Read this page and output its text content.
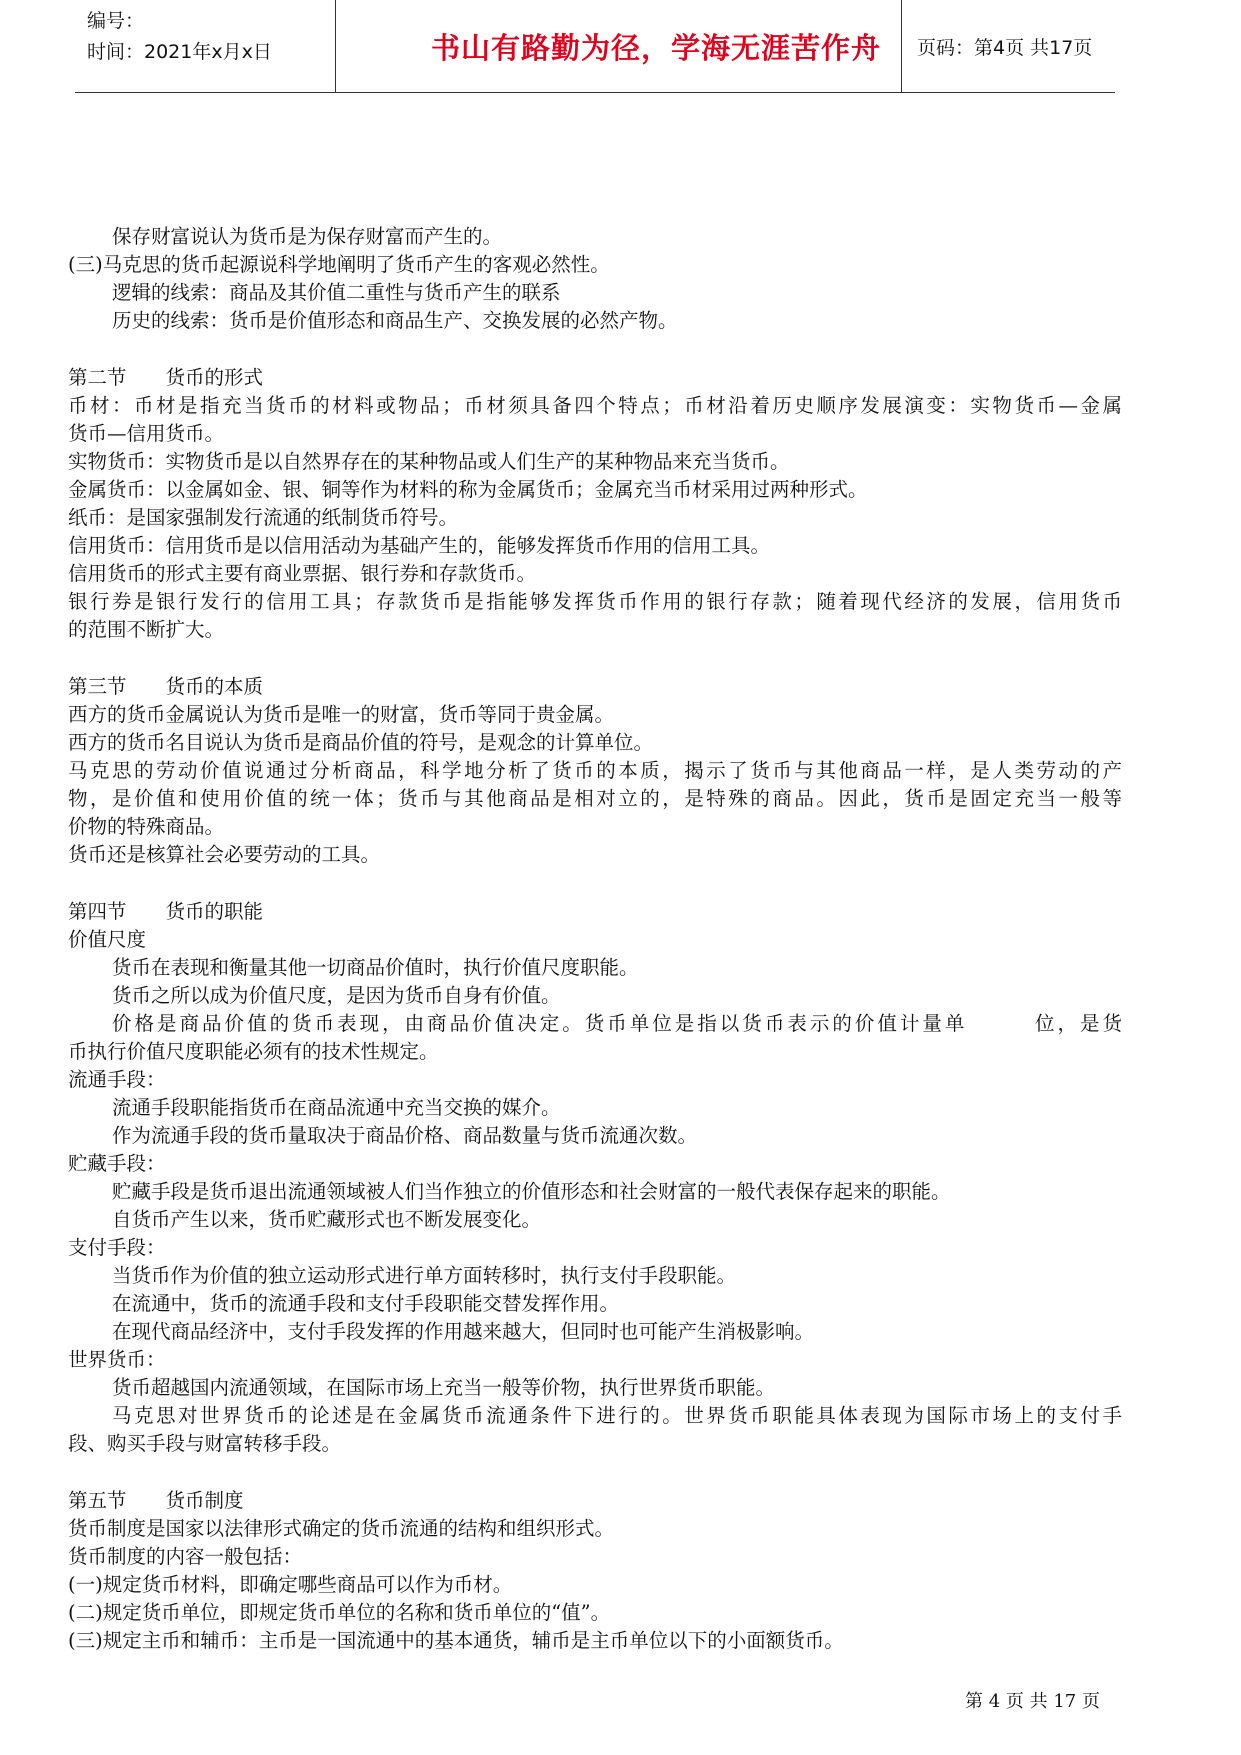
编号：
时间：2021年x月x日	书山有路勤为径，学海无涯苦作舟	页码：第4页 共17页
保存财富说认为货币是为保存财富而产生的。
(三)马克思的货币起源说科学地阐明了货币产生的客观必然性。
逻辑的线索：商品及其价值二重性与货币产生的联系
历史的线索：货币是价值形态和商品生产、交换发展的必然产物。
第二节　　货币的形式
币材：币材是指充当货币的材料或物品；币材须具备四个特点；币材沿着历史顺序发展演变：实物货币—金属
货币—信用货币。
实物货币：实物货币是以自然界存在的某种物品或人们生产的某种物品来充当货币。
金属货币：以金属如金、银、铜等作为材料的称为金属货币；金属充当币材采用过两种形式。
纸币：是国家强制发行流通的纸制货币符号。
信用货币：信用货币是以信用活动为基础产生的，能够发挥货币作用的信用工具。
信用货币的形式主要有商业票据、银行券和存款货币。
银行券是银行发行的信用工具；存款货币是指能够发挥货币作用的银行存款；随着现代经济的发展，信用货币
的范围不断扩大。
第三节　　货币的本质
西方的货币金属说认为货币是唯一的财富，货币等同于贵金属。
西方的货币名目说认为货币是商品价值的符号，是观念的计算单位。
马克思的劳动价值说通过分析商品，科学地分析了货币的本质，揭示了货币与其他商品一样，是人类劳动的产
物，是价值和使用价值的统一体；货币与其他商品是相对立的，是特殊的商品。因此，货币是固定充当一般等
价物的特殊商品。
货币还是核算社会必要劳动的工具。
第四节　　货币的职能
价值尺度
货币在表现和衡量其他一切商品价值时，执行价值尺度职能。
货币之所以成为价值尺度，是因为货币自身有价值。
价格是商品价值的货币表现，由商品价值决定。货币单位是指以货币表示的价值计量单　　　位，是货
币执行价值尺度职能必须有的技术性规定。
流通手段：
流通手段职能指货币在商品流通中充当交换的媒介。
作为流通手段的货币量取决于商品价格、商品数量与货币流通次数。
贮藏手段：
贮藏手段是货币退出流通领域被人们当作独立的价值形态和社会财富的一般代表保存起来的职能。
自货币产生以来，货币贮藏形式也不断发展变化。
支付手段：
当货币作为价值的独立运动形式进行单方面转移时，执行支付手段职能。
在流通中，货币的流通手段和支付手段职能交替发挥作用。
在现代商品经济中，支付手段发挥的作用越来越大，但同时也可能产生消极影响。
世界货币：
货币超越国内流通领域，在国际市场上充当一般等价物，执行世界货币职能。
马克思对世界货币的论述是在金属货币流通条件下进行的。世界货币职能具体表现为国际市场上的支付手
段、购买手段与财富转移手段。
第五节　　货币制度
货币制度是国家以法律形式确定的货币流通的结构和组织形式。
货币制度的内容一般包括：
(一)规定货币材料，即确定哪些商品可以作为币材。
(二)规定货币单位，即规定货币单位的名称和货币单位的“值”。
(三)规定主币和辅币：主币是一国流通中的基本通货，辅币是主币单位以下的小面额货币。
第 4 页 共 17 页
